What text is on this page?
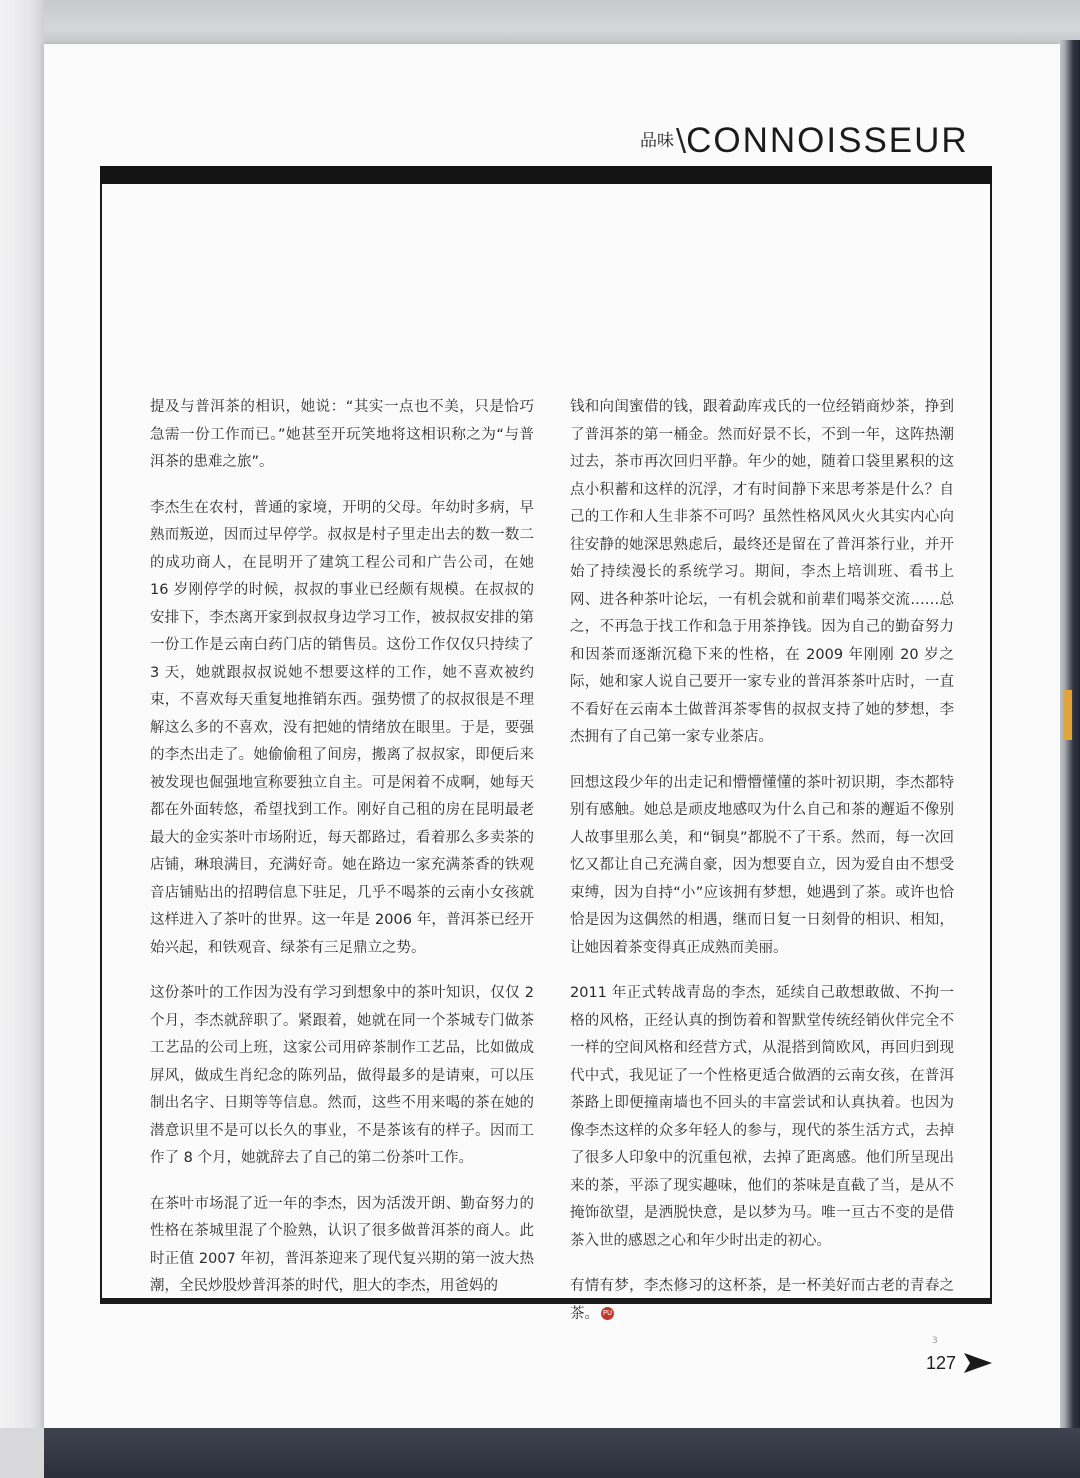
品味 \ CONNOISSEUR

提及与普洱茶的相识，她说：“其实一点也不美，只是恰巧急需一份工作而已。”她甚至开玩笑地将这相识称之为“与普洱茶的患难之旅”。

李杰生在农村，普通的家境，开明的父母。年幼时多病，早熟而叛逆，因而过早停学。叔叔是村子里走出去的数一数二的成功商人，在昆明开了建筑工程公司和广告公司，在她 16 岁刚停学的时候，叔叔的事业已经颇有规模。在叔叔的安排下，李杰离开家到叔叔身边学习工作，被叔叔安排的第一份工作是云南白药门店的销售员。这份工作仅仅只持续了 3 天，她就跟叔叔说她不想要这样的工作，她不喜欢被约束，不喜欢每天重复地推销东西。强势惯了的叔叔很是不理解这么多的不喜欢，没有把她的情绪放在眼里。于是，要强的李杰出走了。她偷偷租了间房，搬离了叔叔家，即便后来被发现也倔强地宣称要独立自主。可是闲着不成啊，她每天都在外面转悠，希望找到工作。刚好自己租的房在昆明最老最大的金实茶叶市场附近，每天都路过，看着那么多卖茶的店铺，琳琅满目，充满好奇。她在路边一家充满茶香的铁观音店铺贴出的招聘信息下驻足，几乎不喝茶的云南小女孩就这样进入了茶叶的世界。这一年是 2006 年，普洱茶已经开始兴起，和铁观音、绿茶有三足鼎立之势。

这份茶叶的工作因为没有学习到想象中的茶叶知识，仅仅 2 个月，李杰就辞职了。紧跟着，她就在同一个茶城专门做茶工艺品的公司上班，这家公司用碎茶制作工艺品，比如做成屏风，做成生肖纪念的陈列品，做得最多的是请柬，可以压制出名字、日期等等信息。然而，这些不用来喝的茶在她的潜意识里不是可以长久的事业，不是茶该有的样子。因而工作了 8 个月，她就辞去了自己的第二份茶叶工作。

在茶叶市场混了近一年的李杰，因为活泼开朗、勤奋努力的性格在茶城里混了个脸熟，认识了很多做普洱茶的商人。此时正值 2007 年初，普洱茶迎来了现代复兴期的第一波大热潮，全民炒股炒普洱茶的时代，胆大的李杰，用爸妈的

钱和向闺蜜借的钱，跟着勐库戎氏的一位经销商炒茶，挣到了普洱茶的第一桶金。然而好景不长，不到一年，这阵热潮过去，茶市再次回归平静。年少的她，随着口袋里累积的这点小积蓄和这样的沉浮，才有时间静下来思考茶是什么？自己的工作和人生非茶不可吗？虽然性格风风火火其实内心向往安静的她深思熟虑后，最终还是留在了普洱茶行业，并开始了持续漫长的系统学习。期间，李杰上培训班、看书上网、进各种茶叶论坛，一有机会就和前辈们喝茶交流……总之，不再急于找工作和急于用茶挣钱。因为自己的勤奋努力和因茶而逐渐沉稳下来的性格，在 2009 年刚刚 20 岁之际，她和家人说自己要开一家专业的普洱茶茶叶店时，一直不看好在云南本土做普洱茶零售的叔叔支持了她的梦想，李杰拥有了自己第一家专业茶店。

回想这段少年的出走记和懵懵懂懂的茶叶初识期，李杰都特别有感触。她总是顽皮地感叹为什么自己和茶的邂逅不像别人故事里那么美，和“铜臭”都脱不了干系。然而，每一次回忆又都让自己充满自豪，因为想要自立，因为爱自由不想受束缚，因为自持“小”应该拥有梦想，她遇到了茶。或许也恰恰是因为这偶然的相遇，继而日复一日刻骨的相识、相知，让她因着茶变得真正成熟而美丽。

2011 年正式转战青岛的李杰，延续自己敢想敢做、不拘一格的风格，正经认真的捯饬着和智默堂传统经销伙伴完全不一样的空间风格和经营方式，从混搭到简欧风，再回归到现代中式，我见证了一个性格更适合做酒的云南女孩，在普洱茶路上即便撞南墙也不回头的丰富尝试和认真执着。也因为像李杰这样的众多年轻人的参与，现代的茶生活方式，去掉了很多人印象中的沉重包袱，去掉了距离感。他们所呈现出来的茶，平添了现实趣味，他们的茶味是直截了当，是从不掩饰欲望，是洒脱快意，是以梦为马。唯一亘古不变的是借茶入世的感恩之心和年少时出走的初心。

有情有梦，李杰修习的这杯茶，是一杯美好而古老的青春之茶。 PU

3
127
